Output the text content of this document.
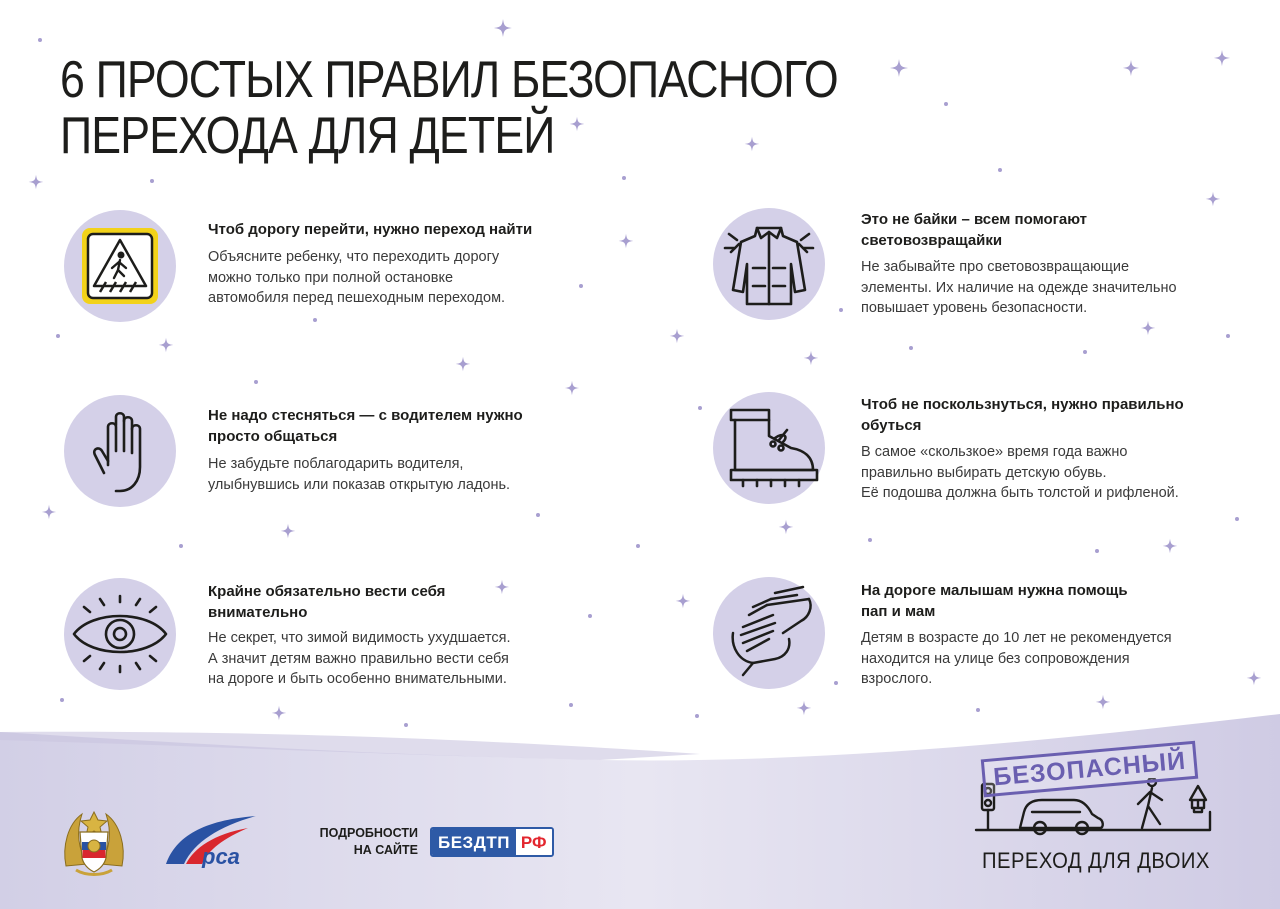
6 ПРОСТЫХ ПРАВИЛ БЕЗОПАСНОГО
ПЕРЕХОДА ДЛЯ ДЕТЕЙ
Чтоб дорогу перейти, нужно переход найти
Объясните ребенку, что переходить дорогу
можно только при полной остановке
автомобиля перед пешеходным переходом.
Не надо стесняться — с водителем нужно
просто общаться
Не забудьте поблагодарить водителя,
улыбнувшись или показав открытую ладонь.
Крайне обязательно вести себя
внимательно
Не секрет, что зимой видимость ухудшается.
А значит детям важно правильно вести себя
на дороге и быть особенно внимательными.
Это не байки – всем помогают
световозвращайки
Не забывайте про световозвращающие
элементы. Их наличие на одежде значительно
повышает уровень безопасности.
Чтоб не поскользнуться, нужно правильно
обуться
В самое «скользкое» время года важно
правильно выбирать детскую обувь.
Её подошва должна быть толстой и рифленой.
На дороге малышам нужна помощь
пап и мам
Детям в возрасте до 10 лет не рекомендуется
находится на улице без сопровождения
взрослого.
рса
ПОДРОБНОСТИ
НА САЙТЕ	БЕЗДТП РФ
БЕЗОПАСНЫЙ
ПЕРЕХОД ДЛЯ ДВОИХ
